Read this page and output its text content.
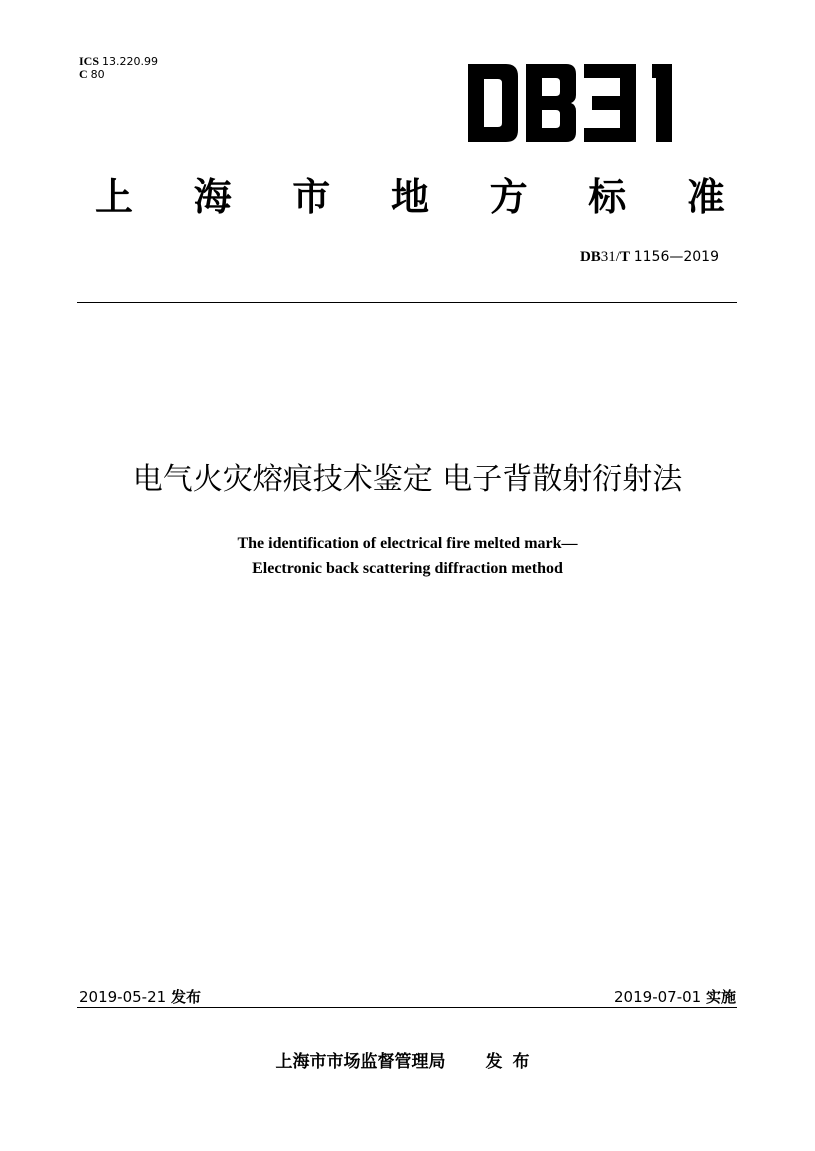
ICS 13.220.99
C 80
上 海 市 地 方 标 准
DB31/T 1156—2019
电气火灾熔痕技术鉴定 电子背散射衍射法
The identification of electrical fire melted mark—
Electronic back scattering diffraction method
2019-05-21 发布	2019-07-01 实施
上海市市场监督管理局 发布
